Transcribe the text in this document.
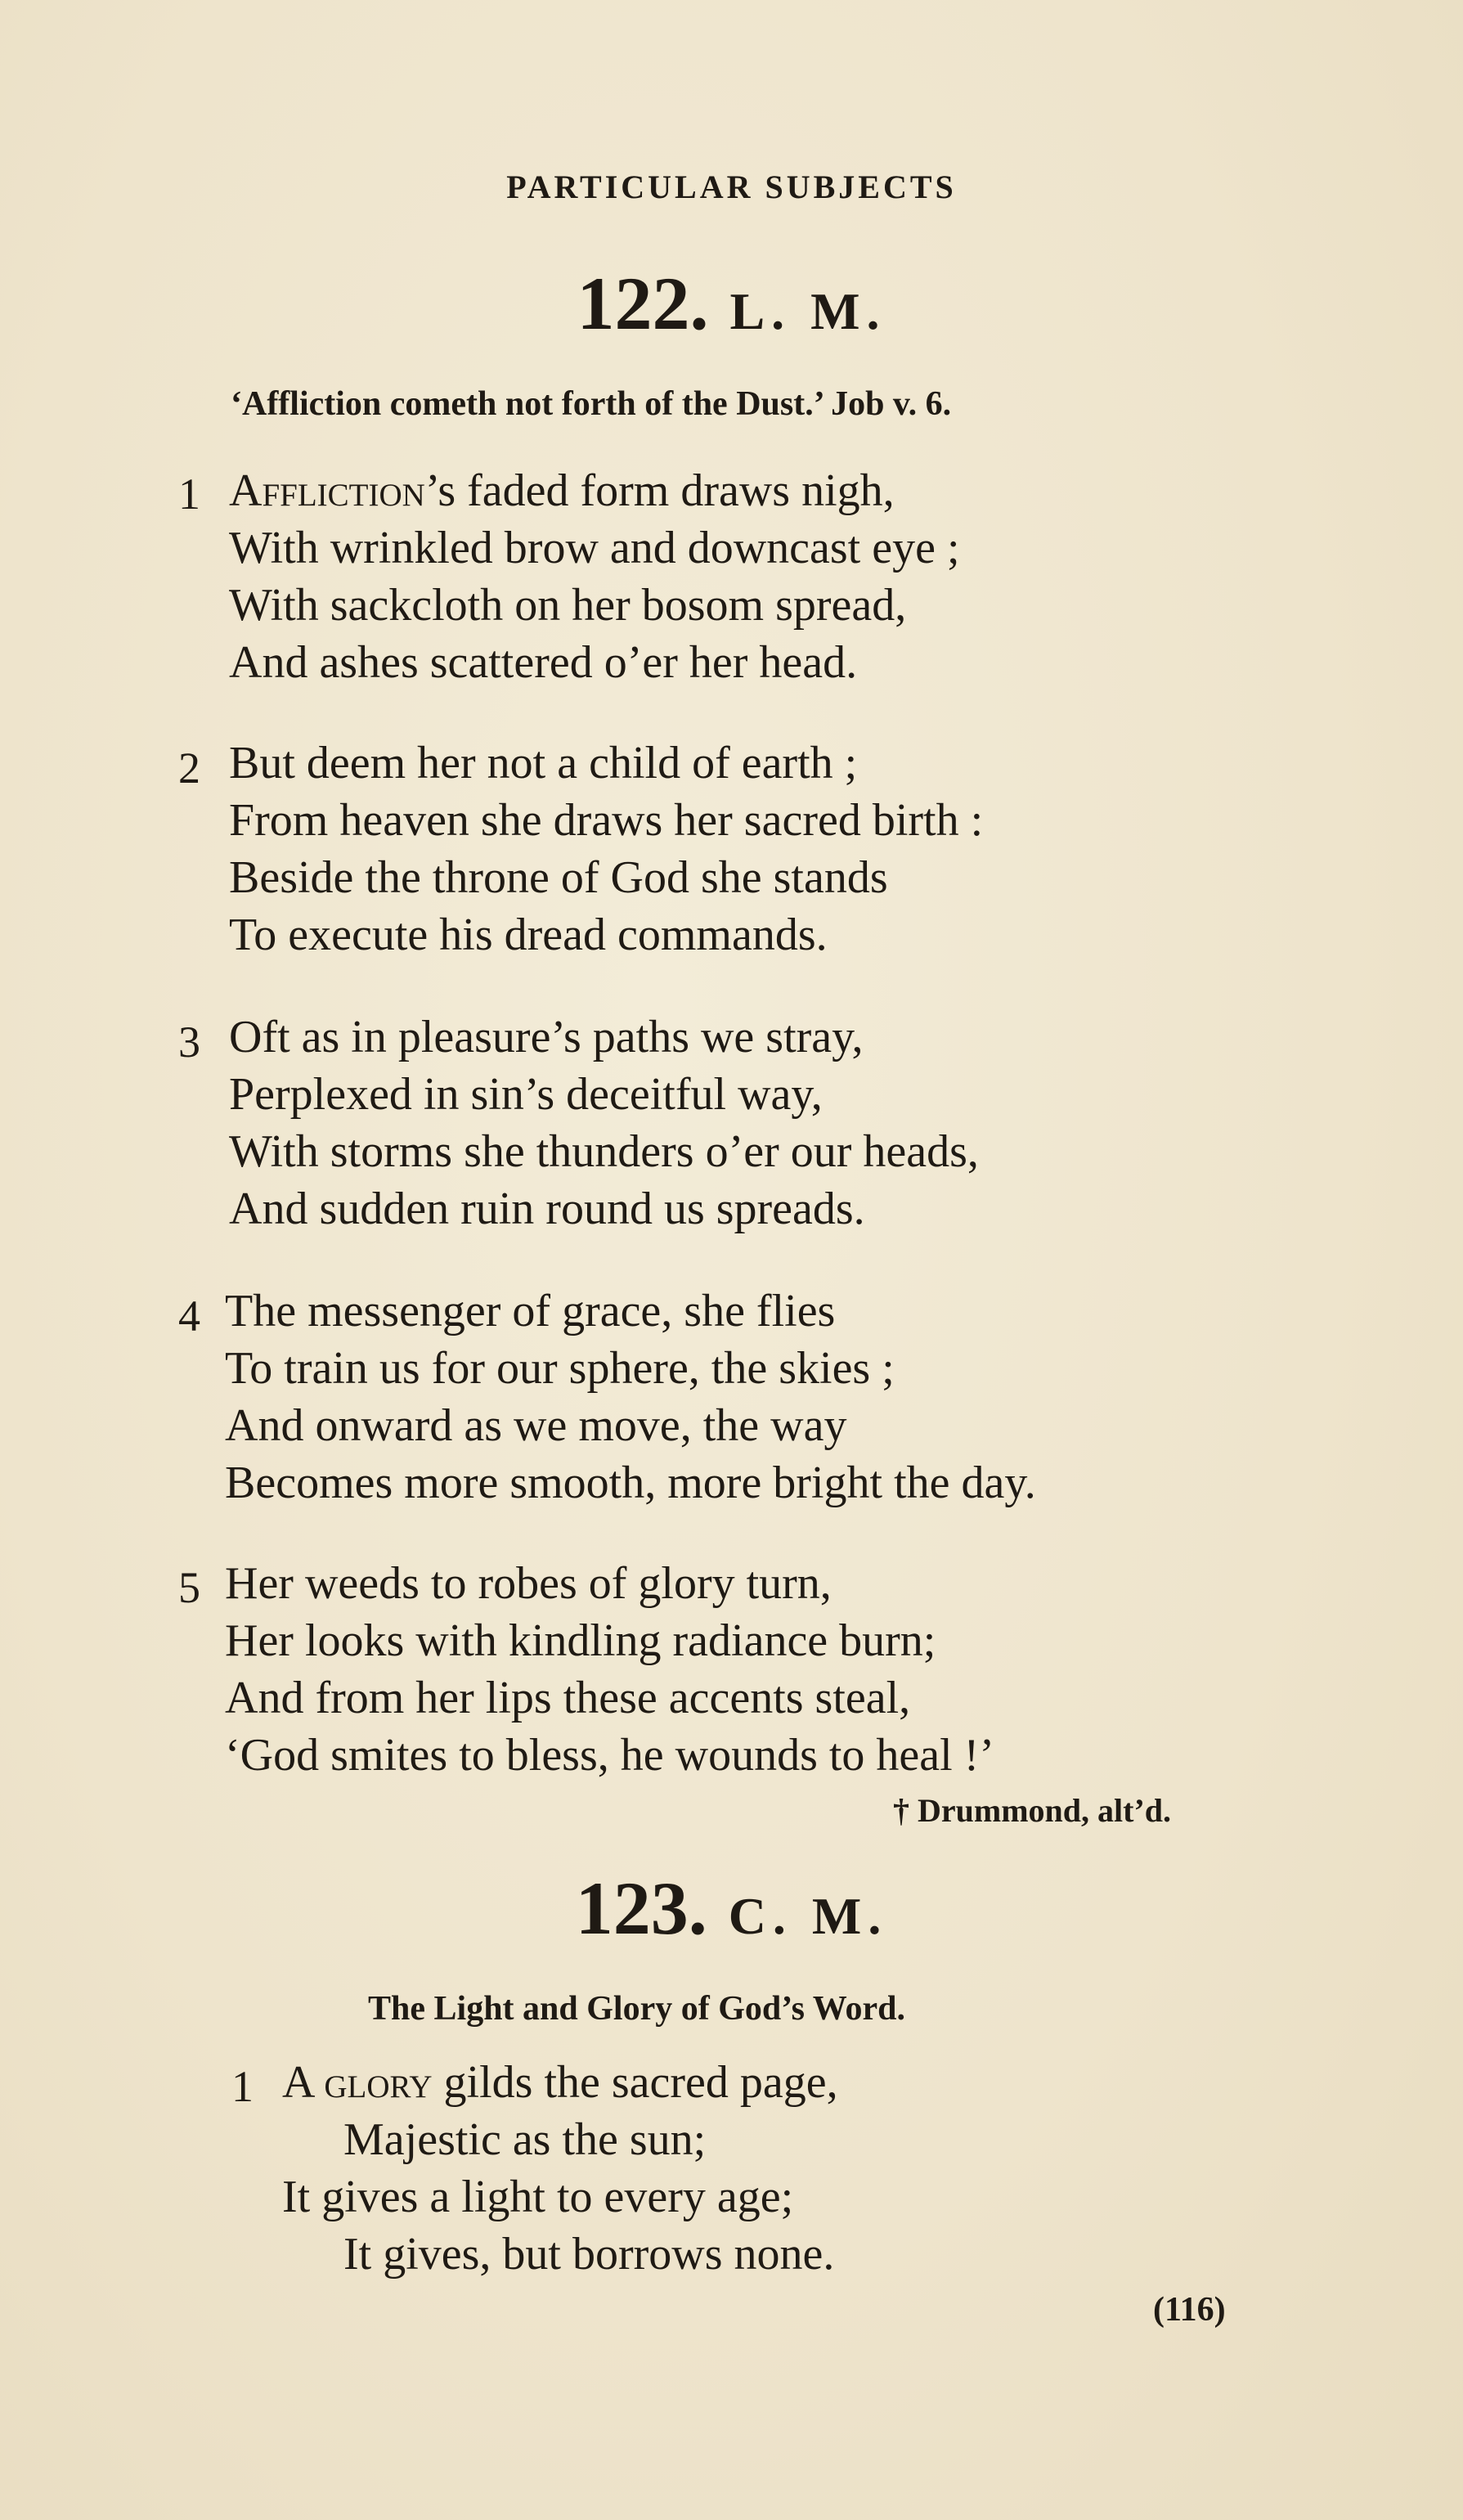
PARTICULAR SUBJECTS
122. L. M.
‘Affliction cometh not forth of the Dust.’ Job v. 6.
1 Affliction’s faded form draws nigh,
With wrinkled brow and downcast eye ;
With sackcloth on her bosom spread,
And ashes scattered o’er her head.
2 But deem her not a child of earth ;
From heaven she draws her sacred birth :
Beside the throne of God she stands
To execute his dread commands.
3 Oft as in pleasure’s paths we stray,
Perplexed in sin’s deceitful way,
With storms she thunders o’er our heads,
And sudden ruin round us spreads.
4 The messenger of grace, she flies
To train us for our sphere, the skies ;
And onward as we move, the way
Becomes more smooth, more bright the day.
5 Her weeds to robes of glory turn,
Her looks with kindling radiance burn;
And from her lips these accents steal,
‘God smites to bless, he wounds to heal !’
† Drummond, alt’d.
123. C. M.
The Light and Glory of God’s Word.
1 A glory gilds the sacred page,
Majestic as the sun;
It gives a light to every age;
It gives, but borrows none.
(116)
